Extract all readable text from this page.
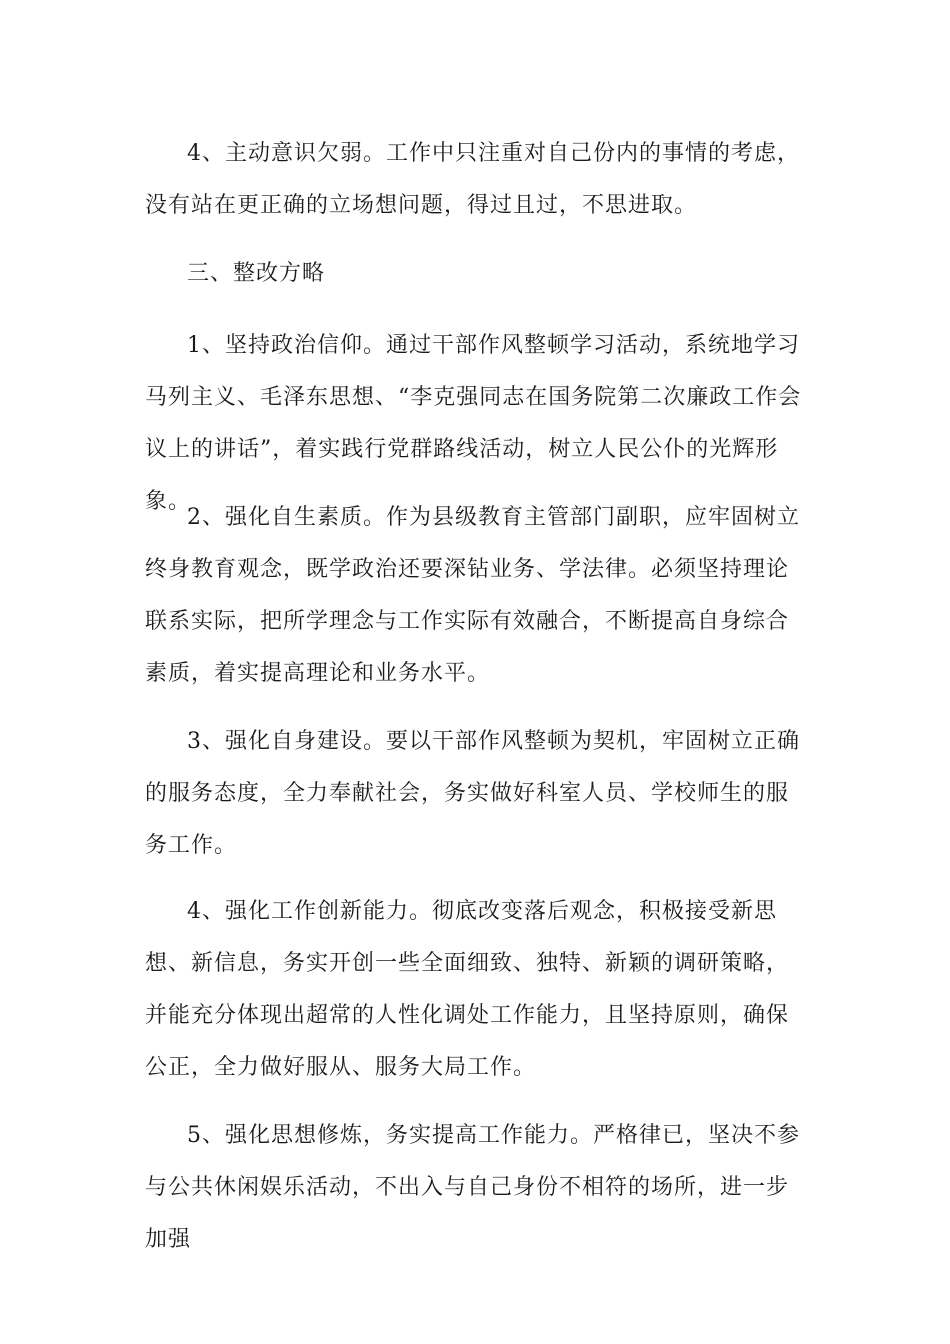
4、主动意识欠弱。工作中只注重对自己份内的事情的考虑，没有站在更正确的立场想问题，得过且过，不思进取。

三、整改方略

1、坚持政治信仰。通过干部作风整顿学习活动，系统地学习马列主义、毛泽东思想、“李克强同志在国务院第二次廉政工作会议上的讲话”，着实践行党群路线活动，树立人民公仆的光辉形象。

2、强化自生素质。作为县级教育主管部门副职，应牢固树立终身教育观念，既学政治还要深钻业务、学法律。必须坚持理论联系实际，把所学理念与工作实际有效融合，不断提高自身综合素质，着实提高理论和业务水平。

3、强化自身建设。要以干部作风整顿为契机，牢固树立正确的服务态度，全力奉献社会，务实做好科室人员、学校师生的服务工作。

4、强化工作创新能力。彻底改变落后观念，积极接受新思想、新信息，务实开创一些全面细致、独特、新颖的调研策略，并能充分体现出超常的人性化调处工作能力，且坚持原则，确保公正，全力做好服从、服务大局工作。

5、强化思想修炼，务实提高工作能力。严格律已，坚决不参与公共休闲娱乐活动，不出入与自己身份不相符的场所，进一步加强
